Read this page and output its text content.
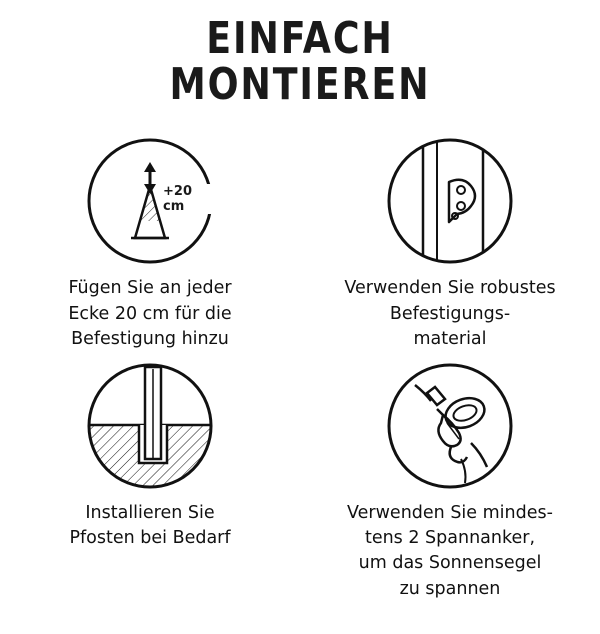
EINFACH
MONTIEREN
+20 cm
Fügen Sie an jeder
Ecke 20 cm für die
Befestigung hinzu
Verwenden Sie robustes
Befestigungs-
material
Installieren Sie
Pfosten bei Bedarf
Verwenden Sie mindes-
tens 2 Spannanker,
um das Sonnensegel
zu spannen
